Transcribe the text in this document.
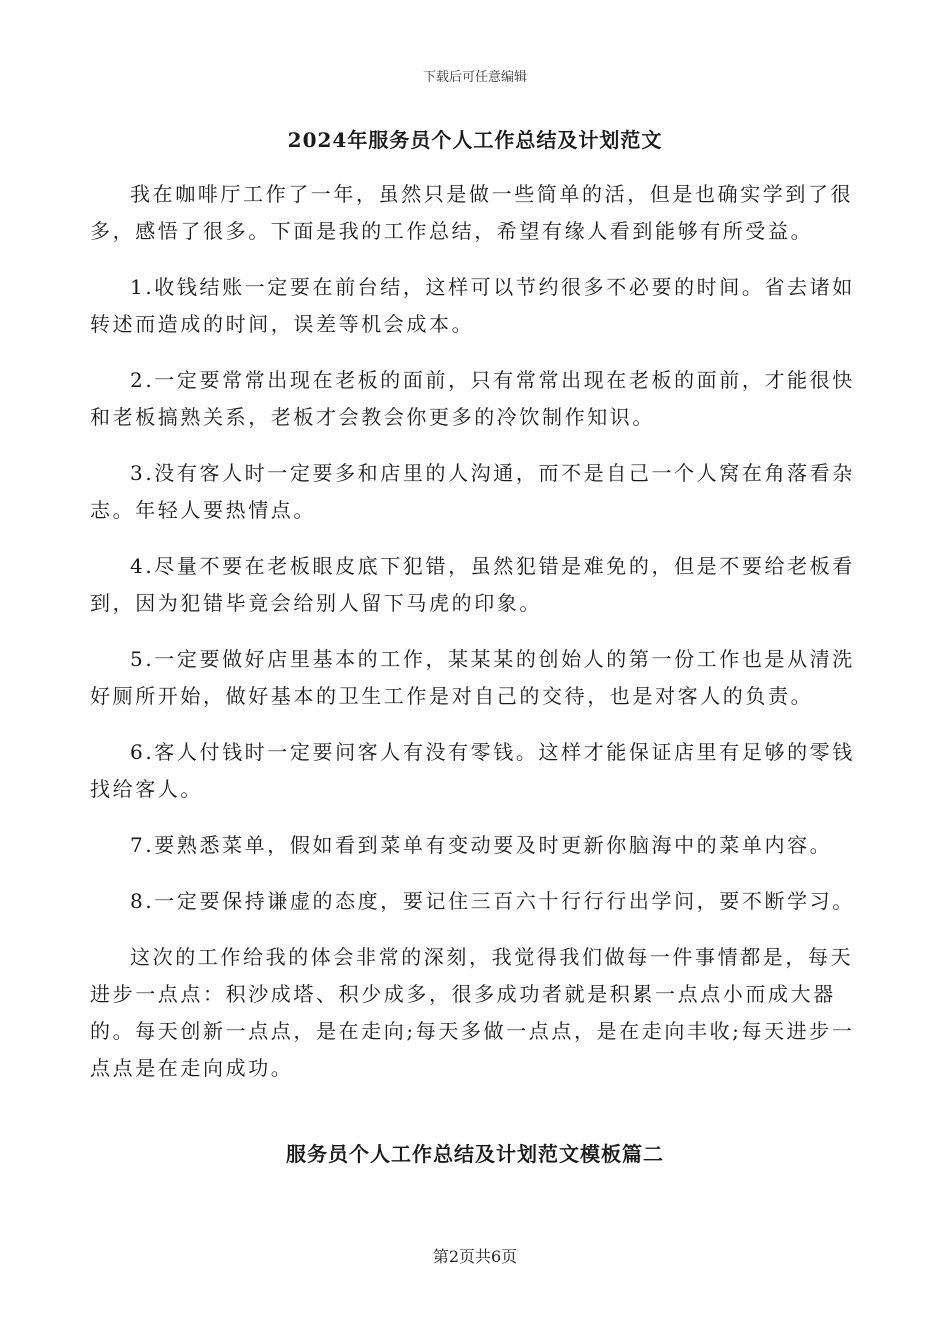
下载后可任意编辑
2024年服务员个人工作总结及计划范文

我在咖啡厅工作了一年，虽然只是做一些简单的活，但是也确实学到了很多，感悟了很多。下面是我的工作总结，希望有缘人看到能够有所受益。

1.收钱结账一定要在前台结，这样可以节约很多不必要的时间。省去诸如转述而造成的时间，误差等机会成本。

2.一定要常常出现在老板的面前，只有常常出现在老板的面前，才能很快和老板搞熟关系，老板才会教会你更多的冷饮制作知识。

3.没有客人时一定要多和店里的人沟通，而不是自己一个人窝在角落看杂志。年轻人要热情点。

4.尽量不要在老板眼皮底下犯错，虽然犯错是难免的，但是不要给老板看到，因为犯错毕竟会给别人留下马虎的印象。

5.一定要做好店里基本的工作，某某某的创始人的第一份工作也是从清洗好厕所开始，做好基本的卫生工作是对自己的交待，也是对客人的负责。

6.客人付钱时一定要问客人有没有零钱。这样才能保证店里有足够的零钱找给客人。

7.要熟悉菜单，假如看到菜单有变动要及时更新你脑海中的菜单内容。

8.一定要保持谦虚的态度，要记住三百六十行行行出学问，要不断学习。

这次的工作给我的体会非常的深刻，我觉得我们做每一件事情都是，每天进步一点点：积沙成塔、积少成多，很多成功者就是积累一点点小而成大器的。每天创新一点点，是在走向;每天多做一点点，是在走向丰收;每天进步一点点是在走向成功。

服务员个人工作总结及计划范文模板篇二
第2页共6页
